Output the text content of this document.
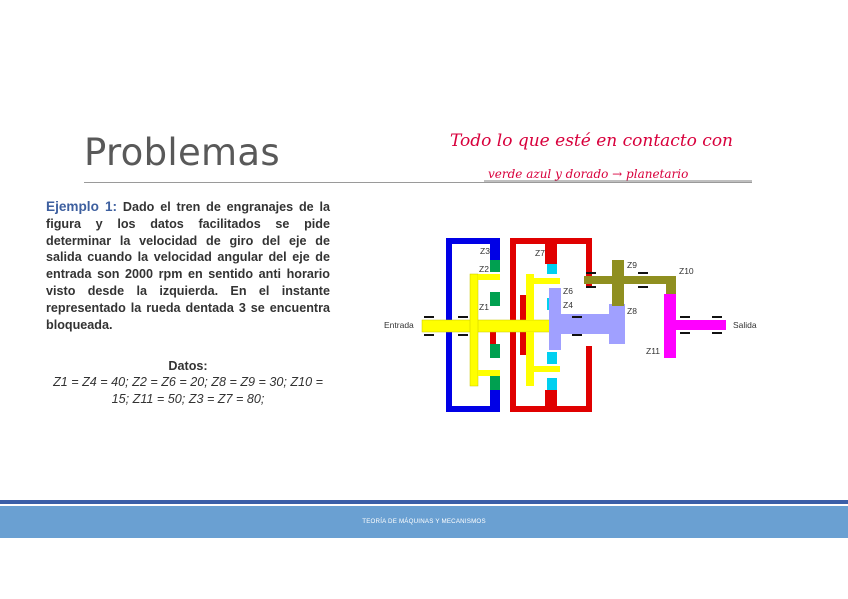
Problemas	Todo lo que esté en contacto con
verde azul y dorado → planetario
Ejemplo 1: Dado el tren de engranajes de la figura y los datos facilitados se pide determinar la velocidad de giro del eje de salida cuando la velocidad angular del eje de entrada son 2000 rpm en sentido anti horario visto desde la izquierda. En el instante representado la rueda dentada 3 se encuentra bloqueada.
Datos:
Z1 = Z4 = 40; Z2 = Z6 = 20; Z8 = Z9 = 30; Z10 = 15; Z11 = 50; Z3 = Z7 = 80;
Entrada	Salida
Z3
Z2
Z1
Z7
Z6
Z4
Z8
Z9
Z10
Z11
TEORÍA DE MÁQUINAS Y MECANISMOS
